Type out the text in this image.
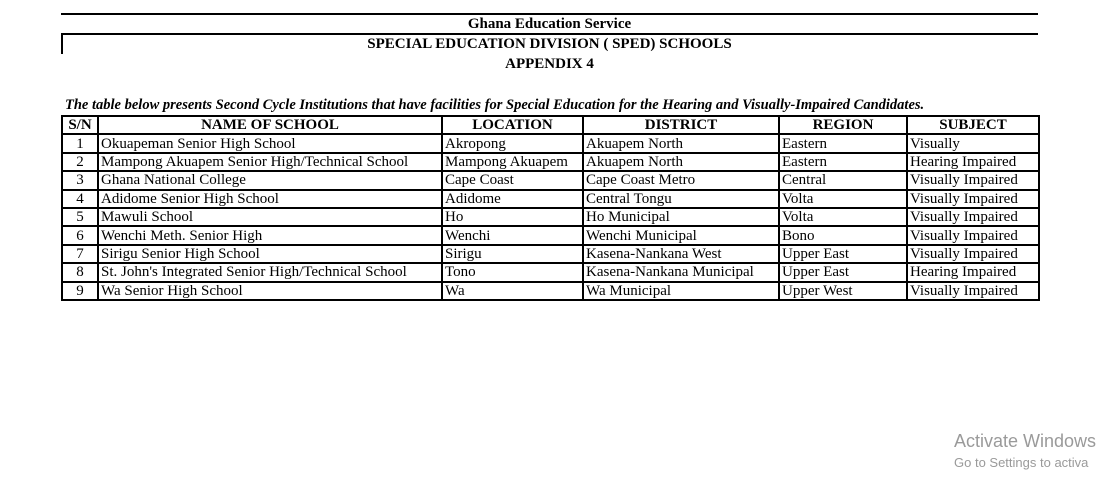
Ghana Education Service
SPECIAL EDUCATION DIVISION ( SPED) SCHOOLS
APPENDIX 4
The table below presents Second Cycle Institutions that have facilities for Special Education for the Hearing and Visually-Impaired Candidates.
S/N	NAME OF SCHOOL	LOCATION	DISTRICT	REGION	SUBJECT
1	Okuapeman Senior High School	Akropong	Akuapem North	Eastern	Visually
2	Mampong Akuapem Senior High/Technical School	Mampong Akuapem	Akuapem North	Eastern	Hearing Impaired
3	Ghana National College	Cape Coast	Cape Coast Metro	Central	Visually Impaired
4	Adidome Senior High School	Adidome	Central Tongu	Volta	Visually Impaired
5	Mawuli School	Ho	Ho Municipal	Volta	Visually Impaired
6	Wenchi Meth. Senior High	Wenchi	Wenchi Municipal	Bono	Visually Impaired
7	Sirigu Senior High School	Sirigu	Kasena-Nankana West	Upper East	Visually Impaired
8	St. John's Integrated Senior High/Technical School	Tono	Kasena-Nankana Municipal	Upper East	Hearing Impaired
9	Wa Senior High School	Wa	Wa Municipal	Upper West	Visually Impaired
Activate Windows
Go to Settings to activa
